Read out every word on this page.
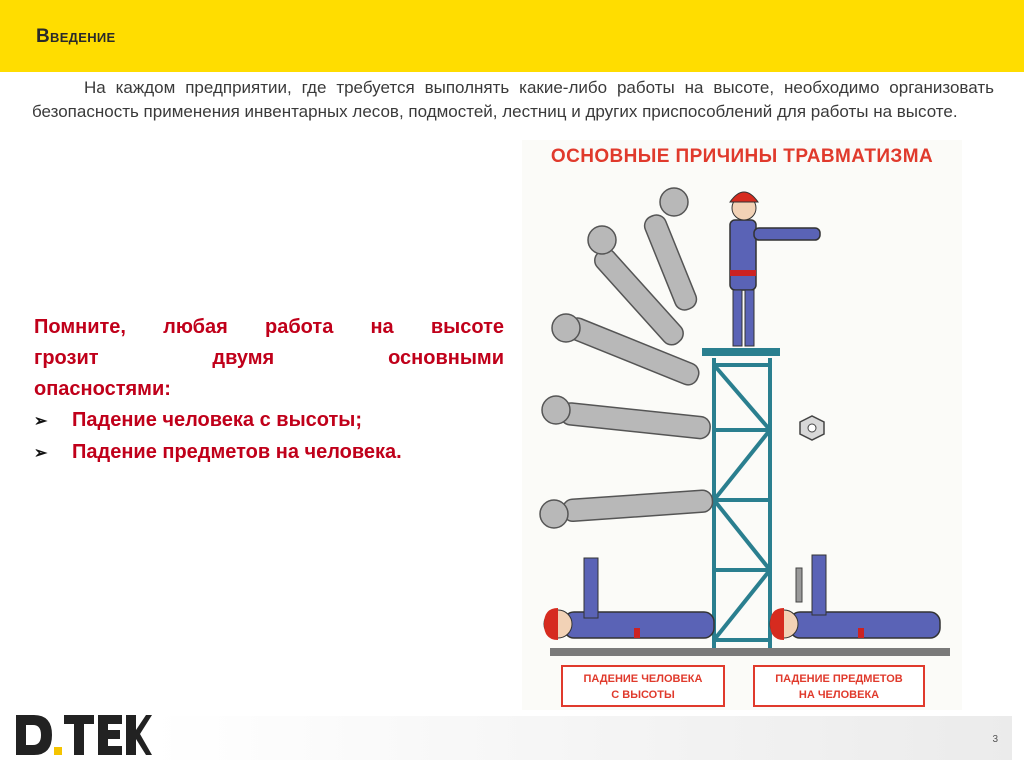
Введение

На каждом предприятии, где требуется выполнять какие-либо работы на высоте, необходимо организовать безопасность применения инвентарных лесов, подмостей, лестниц и других приспособлений для работы на высоте.

Помните, любая работа на высоте
грозит двумя основными
опасностями:
➢	Падение человека с высоты;
➢	Падение предметов на человека.
ОСНОВНЫЕ ПРИЧИНЫ ТРАВМАТИЗМА
ПАДЕНИЕ ЧЕЛОВЕКА
С ВЫСОТЫ
ПАДЕНИЕ ПРЕДМЕТОВ
НА ЧЕЛОВЕКА
3
